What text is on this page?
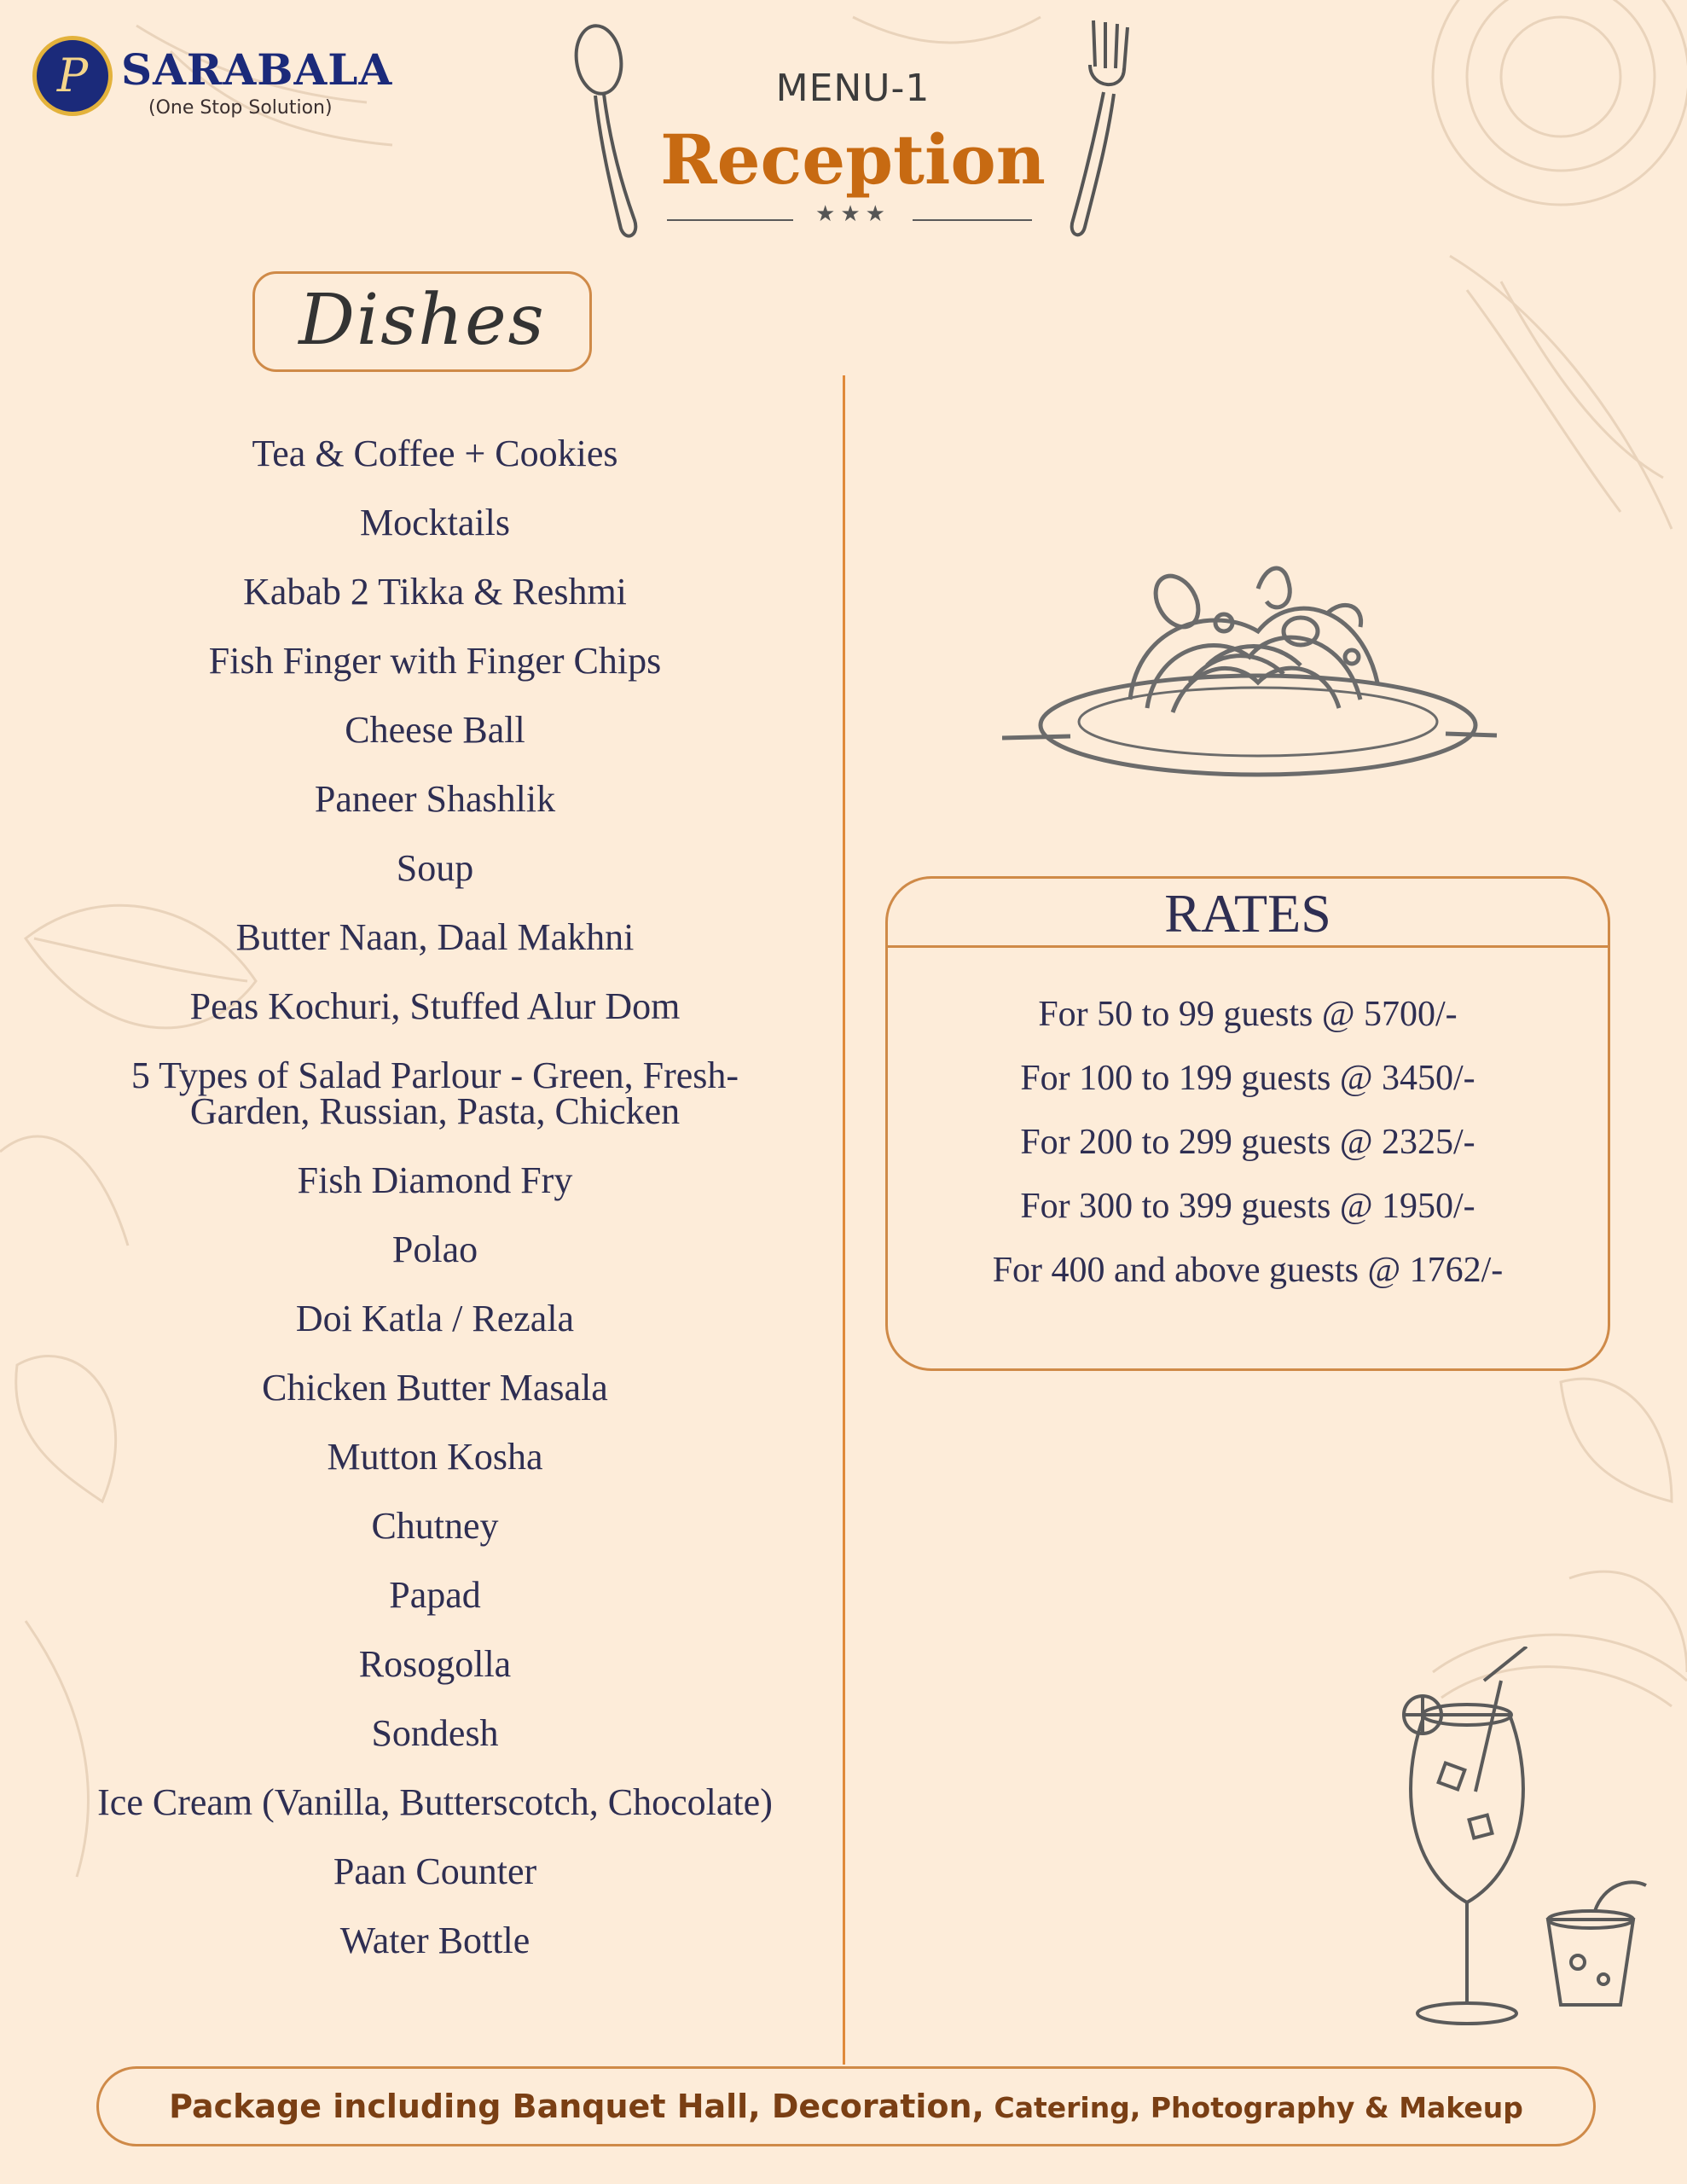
P SARABALA
(One Stop Solution)	MENU-1
Reception
★★★
Dishes
Tea & Coffee + Cookies
Mocktails
Kabab 2 Tikka & Reshmi
Fish Finger with Finger Chips
Cheese Ball
Paneer Shashlik
Soup
Butter Naan, Daal Makhni
Peas Kochuri, Stuffed Alur Dom
5 Types of Salad Parlour - Green, Fresh-
Garden, Russian, Pasta, Chicken
Fish Diamond Fry
Polao
Doi Katla / Rezala
Chicken Butter Masala
Mutton Kosha
Chutney
Papad
Rosogolla
Sondesh
Ice Cream (Vanilla, Butterscotch, Chocolate)
Paan Counter
Water Bottle
RATES
For 50 to 99 guests @ 5700/-
For 100 to 199 guests @ 3450/-
For 200 to 299 guests @ 2325/-
For 300 to 399 guests @ 1950/-
For 400 and above guests @ 1762/-
Package including Banquet Hall, Decoration, Catering, Photography & Makeup
